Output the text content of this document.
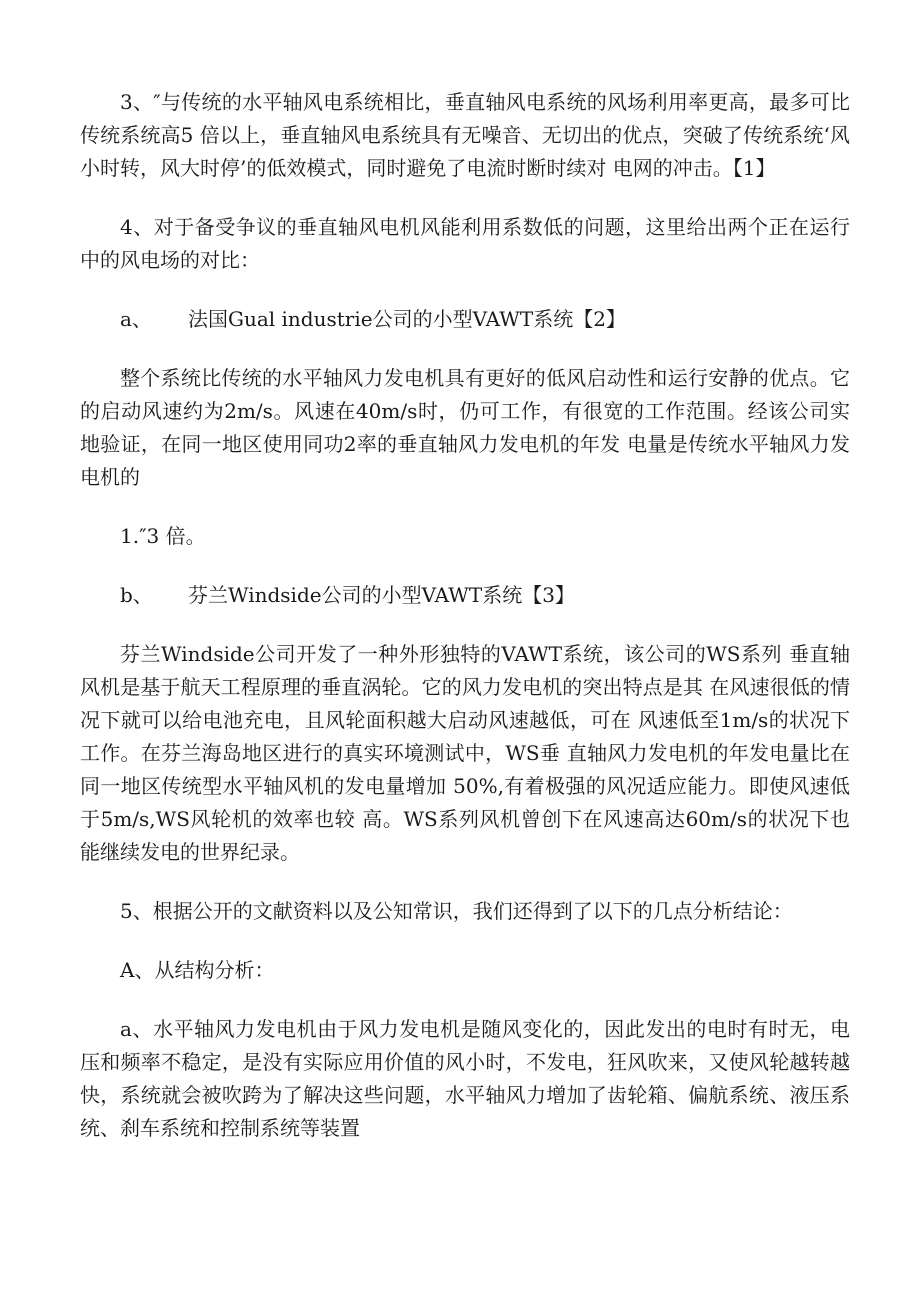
3、″与传统的水平轴风电系统相比，垂直轴风电系统的风场利用率更高，最多可比传统系统高5 倍以上，垂直轴风电系统具有无噪音、无切出的优点，突破了传统系统‘风小时转，风大时停’的低效模式，同时避免了电流时断时续对 电网的冲击。【1】

4、对于备受争议的垂直轴风电机风能利用系数低的问题，这里给出两个正在运行中的风电场的对比：

a、 法国Gual industrie公司的小型VAWT系统【2】

整个系统比传统的水平轴风力发电机具有更好的低风启动性和运行安静的优点。它的启动风速约为2m/s。风速在40m/s时，仍可工作，有很宽的工作范围。经该公司实地验证，在同一地区使用同功2率的垂直轴风力发电机的年发 电量是传统水平轴风力发电机的

1.″3 倍。

b、 芬兰Windside公司的小型VAWT系统【3】

芬兰Windside公司开发了一种外形独特的VAWT系统，该公司的WS系列 垂直轴风机是基于航天工程原理的垂直涡轮。它的风力发电机的突出特点是其 在风速很低的情况下就可以给电池充电，且风轮面积越大启动风速越低，可在 风速低至1m/s的状况下工作。在芬兰海岛地区进行的真实环境测试中，WS垂 直轴风力发电机的年发电量比在同一地区传统型水平轴风机的发电量增加 50%,有着极强的风况适应能力。即使风速低于5m/s,WS风轮机的效率也较 高。WS系列风机曾创下在风速高达60m/s的状况下也能继续发电的世界纪录。

5、根据公开的文献资料以及公知常识，我们还得到了以下的几点分析结论：

A、从结构分析：

a、水平轴风力发电机由于风力发电机是随风变化的，因此发出的电时有时无，电压和频率不稳定，是没有实际应用价值的风小时，不发电，狂风吹来，又使风轮越转越快，系统就会被吹跨为了解决这些问题，水平轴风力增加了齿轮箱、偏航系统、液压系统、刹车系统和控制系统等装置
